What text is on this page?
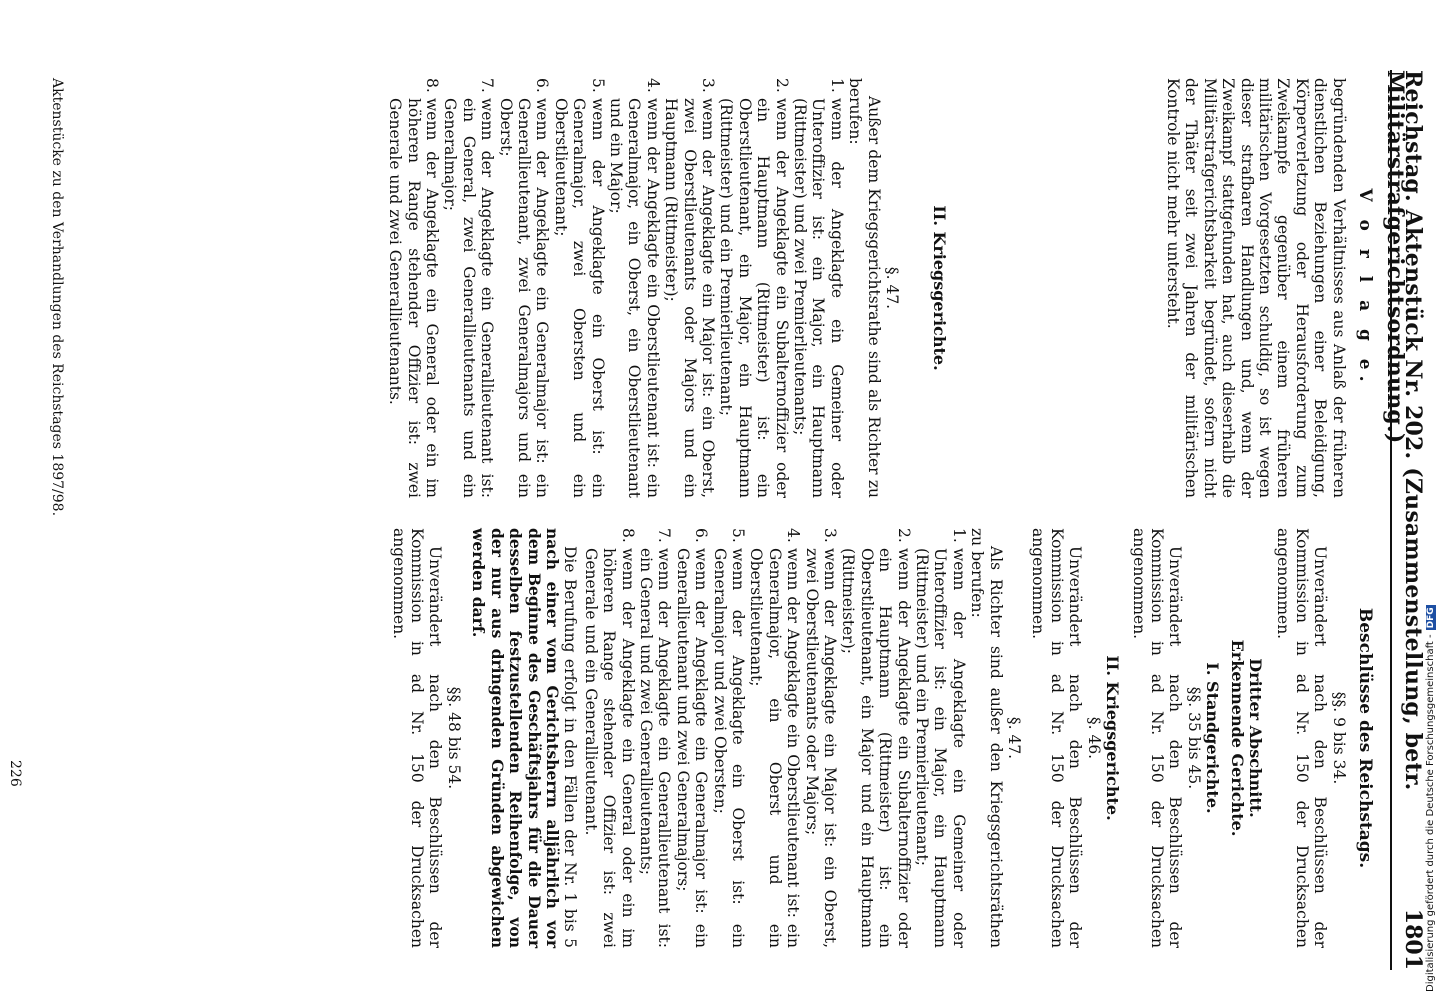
Reichstag. Aktenstück Nr. 202. (Zusammenstellung, betr. Militärstrafgerichtsordnung.)
1801
V o r l a g e.

begründenden Verhältnisses aus Anlaß der früheren dienstlichen Beziehungen einer Beleidigung, Körperverletzung oder Herausforderung zum Zweikampfe gegenüber einem früheren militärischen Vorgesetzten schuldig, so ist wegen dieser strafbaren Handlungen und, wenn der Zweikampf stattgefunden hat, auch dieserhalb die Militärstrafgerichtsbarkeit begründet, sofern nicht der Thäter seit zwei Jahren der militärischen Kontrole nicht mehr untersteht.

II. Kriegsgerichte.
§. 47.

Außer dem Kriegsgerichtsrathe sind als Richter zu berufen:

1.
wenn der Angeklagte ein Gemeiner oder Unteroffizier ist: ein Major, ein Hauptmann (Rittmeister) und zwei Premierlieutenants;
2.
wenn der Angeklagte ein Subalternoffizier oder ein Hauptmann (Rittmeister) ist: ein Oberstlieutenant, ein Major, ein Hauptmann (Rittmeister) und ein Premierlieutenant;
3.
wenn der Angeklagte ein Major ist: ein Oberst, zwei Oberstlieutenants oder Majors und ein Hauptmann (Rittmeister);
4.
wenn der Angeklagte ein Oberstlieutenant ist: ein Generalmajor, ein Oberst, ein Oberstlieutenant und ein Major;
5.
wenn der Angeklagte ein Oberst ist: ein Generalmajor, zwei Obersten und ein Oberstlieutenant;
6.
wenn der Angeklagte ein Generalmajor ist: ein Generallieutenant, zwei Generalmajors und ein Oberst;
7.
wenn der Angeklagte ein Generallieutenant ist: ein General, zwei Generallieutenants und ein Generalmajor;
8.
wenn der Angeklagte ein General oder ein im höheren Range stehender Offizier ist: zwei Generale und zwei Generallieutenants.
Beschlüsse des Reichstags.
§§. 9 bis 34.

Unverändert nach den Beschlüssen der Kommission in ad Nr. 150 der Drucksachen angenommen.

Dritter Abschnitt.
Erkennende Gerichte.
I. Standgerichte.
§§. 35 bis 45.

Unverändert nach den Beschlüssen der Kommission in ad Nr. 150 der Drucksachen angenommen.

II. Kriegsgerichte.
§. 46.

Unverändert nach den Beschlüssen der Kommission in ad Nr. 150 der Drucksachen angenommen.

§. 47.

Als Richter sind außer den Kriegsgerichtsräthen zu berufen:

1.
wenn der Angeklagte ein Gemeiner oder Unteroffizier ist: ein Major, ein Hauptmann (Rittmeister) und ein Premierlieutenant;
2.
wenn der Angeklagte ein Subalternoffizier oder ein Hauptmann (Rittmeister) ist: ein Oberstlieutenant, ein Major und ein Hauptmann (Rittmeister);
3.
wenn der Angeklagte ein Major ist: ein Oberst, zwei Oberstlieutenants oder Majors;
4.
wenn der Angeklagte ein Oberstlieutenant ist: ein Generalmajor, ein Oberst und ein Oberstlieutenant;
5.
wenn der Angeklagte ein Oberst ist: ein Generalmajor und zwei Obersten;
6.
wenn der Angeklagte ein Generalmajor ist: ein Generallieutenant und zwei Generalmajors;
7.
wenn der Angeklagte ein Generallieutenant ist: ein General und zwei Generallieutenants;
8.
wenn der Angeklagte ein General oder ein im höheren Range stehender Offizier ist: zwei Generale und ein Generallieutenant.

Die Berufung erfolgt in den Fällen der Nr. 1 bis 5 nach einer vom Gerichtsherrn alljährlich vor dem Beginne des Geschäftsjahrs für die Dauer desselben festzustellenden Reihenfolge, von der nur aus dringenden Gründen abgewichen werden darf.

§§. 48 bis 54.

Unverändert nach den Beschlüssen der Kommission in ad Nr. 150 der Drucksachen angenommen.

Aktenstücke zu den Verhandlungen des Reichstages 1897/98.
226	Digitalisierung gefördert durch die Deutsche Forschungsgemeinschaft -DFG
